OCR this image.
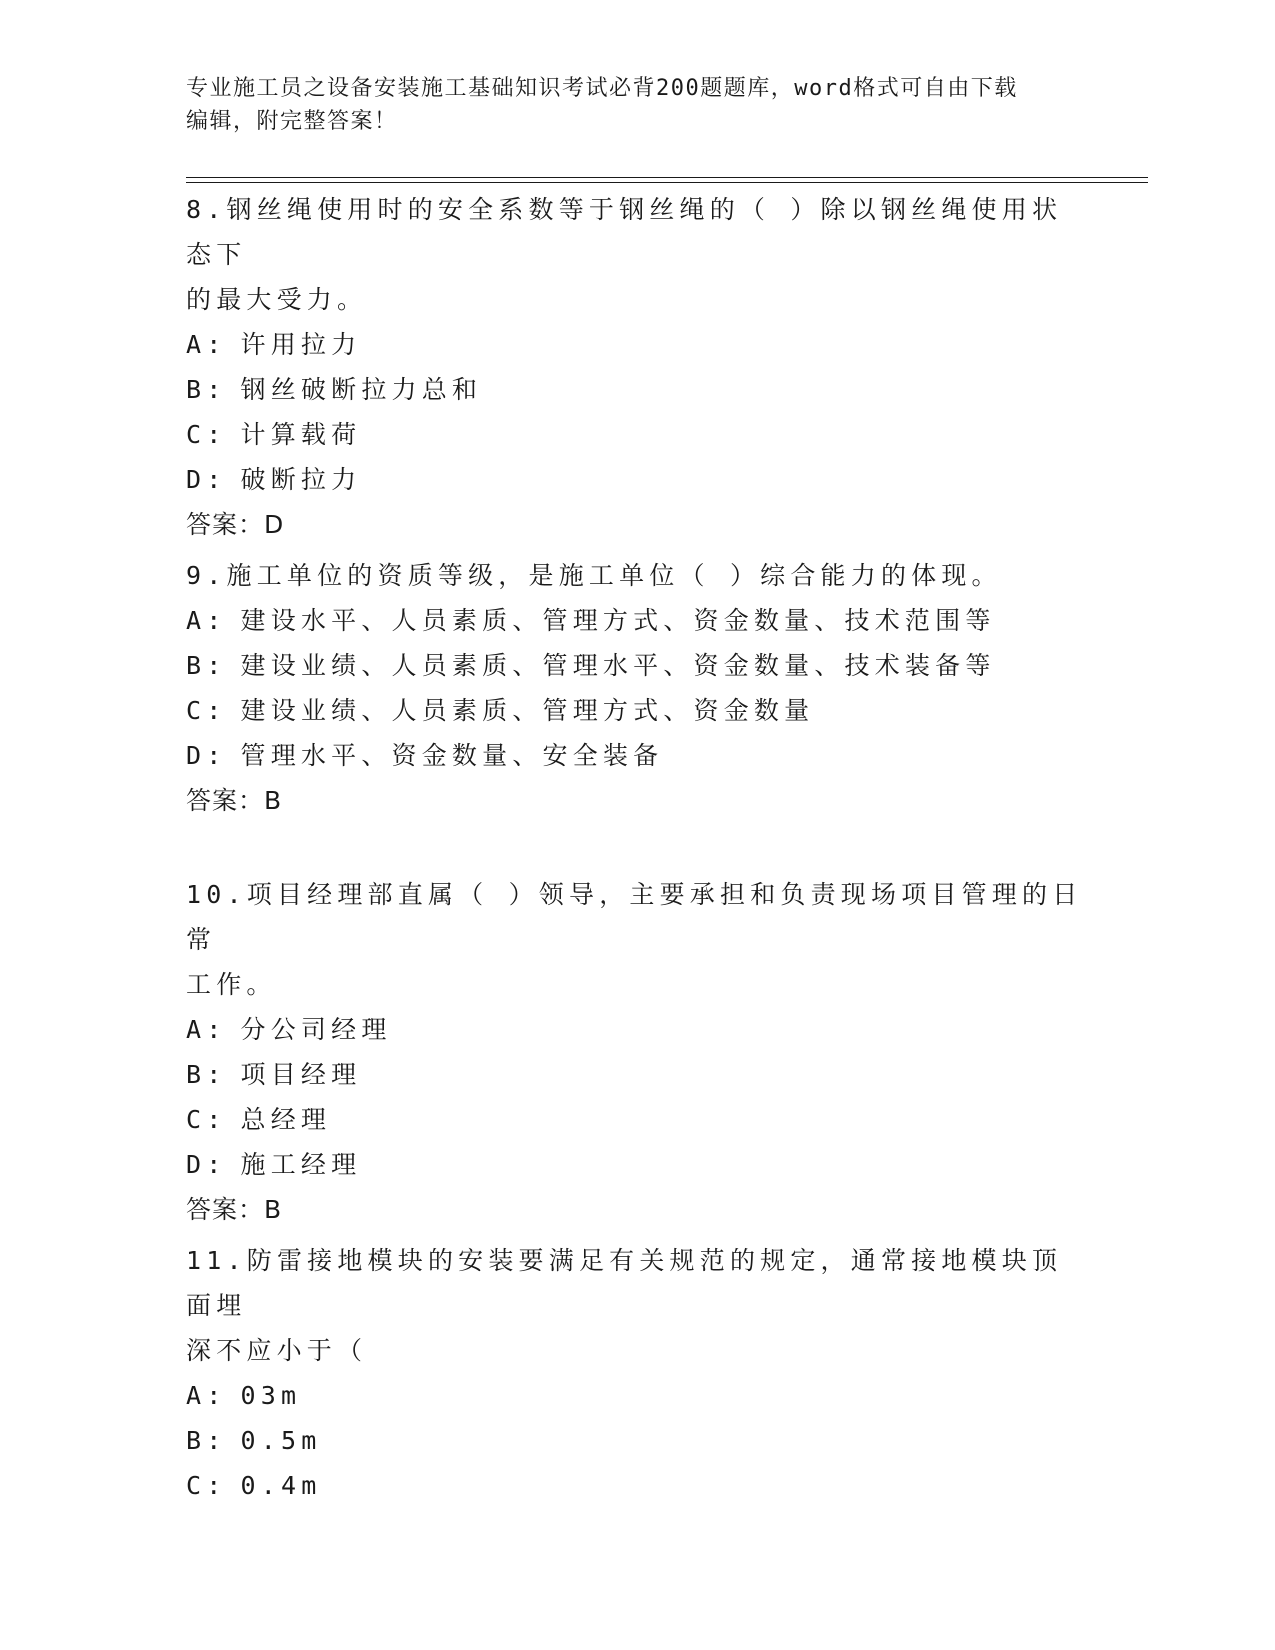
专业施工员之设备安装施工基础知识考试必背200题题库，word格式可自由下载
编辑，附完整答案！

8.钢丝绳使用时的安全系数等于钢丝绳的（ ）除以钢丝绳使用状态下

的最大受力。

A: 许用拉力

B: 钢丝破断拉力总和

C: 计算载荷

D: 破断拉力

答案：D

9.施工单位的资质等级，是施工单位（ ）综合能力的体现。

A: 建设水平、人员素质、管理方式、资金数量、技术范围等

B: 建设业绩、人员素质、管理水平、资金数量、技术装备等

C: 建设业绩、人员素质、管理方式、资金数量

D: 管理水平、资金数量、安全装备

答案：B

10.项目经理部直属（ ）领导，主要承担和负责现场项目管理的日常

工作。

A: 分公司经理

B: 项目经理

C: 总经理

D: 施工经理

答案：B

11.防雷接地模块的安装要满足有关规范的规定，通常接地模块顶面埋

深不应小于（

A: 03m

B: 0.5m

C: 0.4m
